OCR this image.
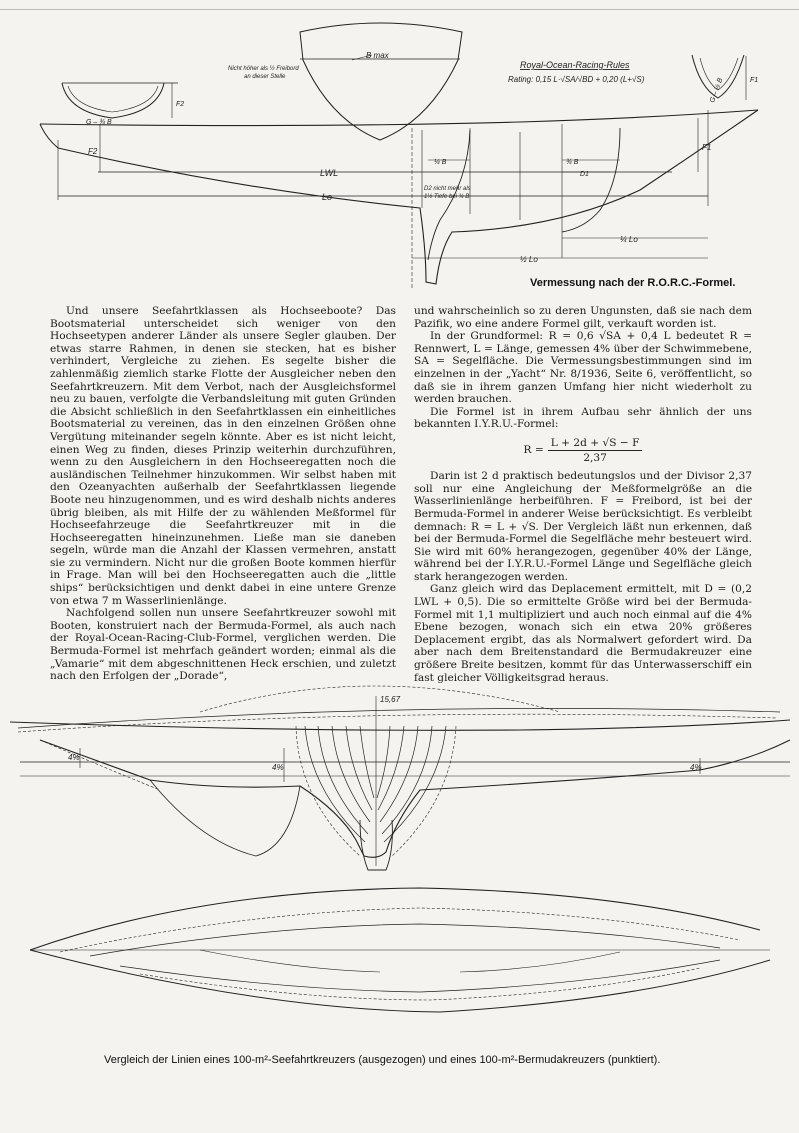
B max
Nicht höher als ½ Freibord
an dieser Stelle
Royal-Ocean-Racing-Rules
Rating: 0,15 L·√SA/√BD + 0,20 (L+√S)
G – ¾ B
F2
G – ½ B	F1
F2
LWL
Lo
¼ B	¾ B
D1
D2 nicht mehr als
1½ Tiefe bei ¾ B
F1
¼ Lo
½ Lo

Vermessung nach der R.O.R.C.-Formel.

Und unsere Seefahrtklassen als Hochseeboote? Das Bootsmaterial unterscheidet sich weniger von den Hochseetypen anderer Länder als unsere Segler glauben. Der etwas starre Rahmen, in denen sie stecken, hat es bisher verhindert, Vergleiche zu ziehen. Es segelte bisher die zahlenmäßig ziemlich starke Flotte der Ausgleicher neben den Seefahrtkreuzern. Mit dem Verbot, nach der Ausgleichsformel neu zu bauen, verfolgte die Verbandsleitung mit guten Gründen die Absicht schließlich in den Seefahrtklassen ein einheitliches Bootsmaterial zu vereinen, das in den einzelnen Größen ohne Vergütung miteinander segeln könnte. Aber es ist nicht leicht, einen Weg zu finden, dieses Prinzip weiterhin durchzuführen, wenn zu den Ausgleichern in den Hochseeregatten noch die ausländischen Teilnehmer hinzukommen. Wir selbst haben mit den Ozeanyachten außerhalb der Seefahrtklassen liegende Boote neu hinzugenommen, und es wird deshalb nichts anderes übrig bleiben, als mit Hilfe der zu wählenden Meßformel für Hochseefahrzeuge die Seefahrtkreuzer mit in die Hochseeregatten hineinzunehmen. Ließe man sie daneben segeln, würde man die Anzahl der Klassen vermehren, anstatt sie zu vermindern. Nicht nur die großen Boote kommen hierfür in Frage. Man will bei den Hochseeregatten auch die „little ships“ berücksichtigen und denkt dabei in eine untere Grenze von etwa 7 m Wasserlinienlänge.

Nachfolgend sollen nun unsere Seefahrtkreuzer sowohl mit Booten, konstruiert nach der Bermuda-Formel, als auch nach der Royal-Ocean-Racing-Club-Formel, verglichen werden. Die Bermuda-Formel ist mehrfach geändert worden; einmal als die „Vamarie“ mit dem abgeschnittenen Heck erschien, und zuletzt nach den Erfolgen der „Dorade“,

und wahrscheinlich so zu deren Ungunsten, daß sie nach dem Pazifik, wo eine andere Formel gilt, verkauft worden ist.

In der Grundformel: R = 0,6 √SA + 0,4 L bedeutet R = Rennwert, L = Länge, gemessen 4% über der Schwimmebene, SA = Segelfläche. Die Vermessungsbestimmungen sind im einzelnen in der „Yacht“ Nr. 8/1936, Seite 6, veröffentlicht, so daß sie in ihrem ganzen Umfang hier nicht wiederholt zu werden brauchen.

Die Formel ist in ihrem Aufbau sehr ähnlich der uns bekannten I.Y.R.U.-Formel:

$R = \frac{L + 2d + √S - F}{2,37}$

Darin ist 2 d praktisch bedeutungslos und der Divisor 2,37 soll nur eine Angleichung der Meßformelgröße an die Wasserlinienlänge herbeiführen. F = Freibord, ist bei der Bermuda-Formel in anderer Weise berücksichtigt. Es verbleibt demnach: R = L + √S. Der Vergleich läßt nun erkennen, daß bei der Bermuda-Formel die Segelfläche mehr besteuert wird. Sie wird mit 60% herangezogen, gegenüber 40% der Länge, während bei der I.Y.R.U.-Formel Länge und Segelfläche gleich stark herangezogen werden.

Ganz gleich wird das Deplacement ermittelt, mit D = (0,2 LWL + 0,5). Die so ermittelte Größe wird bei der Bermuda-Formel mit 1,1 multipliziert und auch noch einmal auf die 4% Ebene bezogen, wonach sich ein etwa 20% größeres Deplacement ergibt, das als Normalwert gefordert wird. Da aber nach dem Breitenstandard die Bermudakreuzer eine größere Breite besitzen, kommt für das Unterwasserschiff ein fast gleicher Völligkeitsgrad heraus.

15,67
4%
4%	4%

Vergleich der Linien eines 100-m²-Seefahrtkreuzers (ausgezogen) und eines 100-m²-Bermudakreuzers (punktiert).
